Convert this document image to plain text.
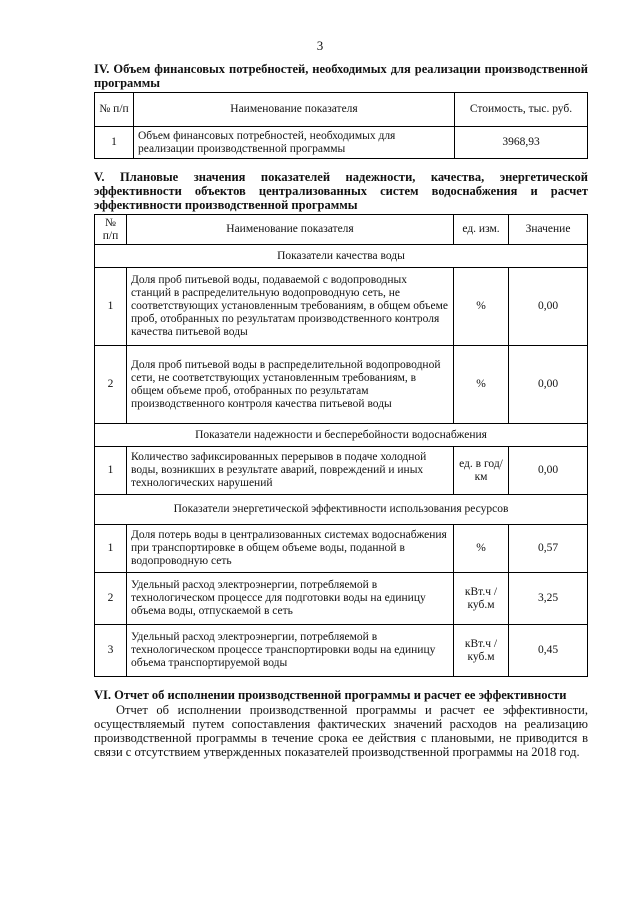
3
IV. Объем финансовых потребностей, необходимых для реализации производственной программы
№ п/п	Наименование показателя	Стоимость, тыс. руб.
1	Объем финансовых потребностей, необходимых для реализации производственной программы	3968,93
V. Плановые значения показателей надежности, качества, энергетической эффективности объектов централизованных систем водоснабжения и расчет эффективности производственной программы
№ п/п	Наименование показателя	ед. изм.	Значение
Показатели качества воды			
1	Доля проб питьевой воды, подаваемой с водопроводных станций в распределительную водопроводную сеть, не соответствующих установленным требованиям, в общем объеме проб, отобранных по результатам производственного контроля качества питьевой воды	%	0,00
2	Доля проб питьевой воды в распределительной водопроводной сети, не соответствующих установленным требованиям, в общем объеме проб, отобранных по результатам производственного контроля качества питьевой воды	%	0,00
Показатели надежности и бесперебойности водоснабжения			
1	Количество зафиксированных перерывов в подаче холодной воды, возникших в результате аварий, повреждений и иных технологических нарушений	ед. в год/ км	0,00
Показатели энергетической эффективности использования ресурсов			
1	Доля потерь воды в централизованных системах водоснабжения при транспортировке в общем объеме воды, поданной в водопроводную сеть	%	0,57
2	Удельный расход электроэнергии, потребляемой в технологическом процессе для подготовки воды на единицу объема воды, отпускаемой в сеть	кВт.ч / куб.м	3,25
3	Удельный расход электроэнергии, потребляемой в технологическом процессе транспортировки воды на единицу объема транспортируемой воды	кВт.ч / куб.м	0,45
VI. Отчет об исполнении производственной программы и расчет ее эффективности
Отчет об исполнении производственной программы и расчет ее эффективности, осуществляемый путем сопоставления фактических значений расходов на реализацию производственной программы в течение срока ее действия с плановыми, не приводится в связи с отсутствием утвержденных показателей производственной программы на 2018 год.
